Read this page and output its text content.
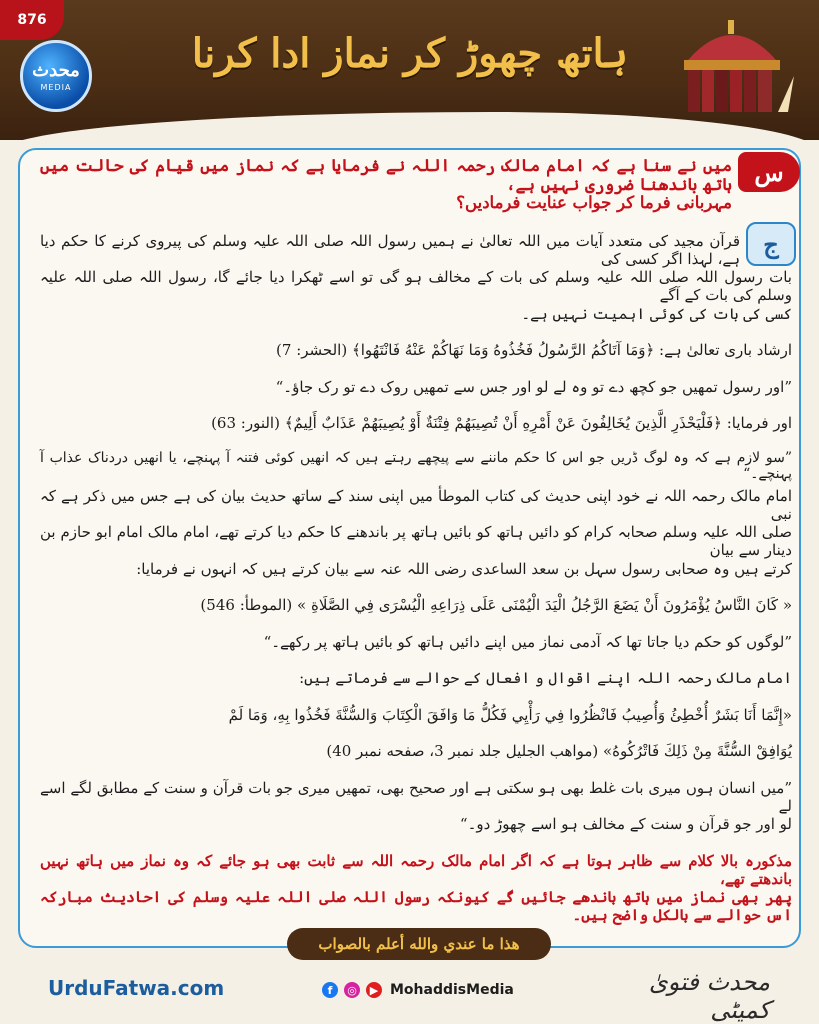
876
محدث
MEDIA
ہاتھ چھوڑ کر نماز ادا کرنا
س
میں نے سنا ہے کہ امام مالک رحمہ اللہ نے فرمایا ہے کہ نماز میں قیام کی حالت میں ہاتھ باندھنا ضروری نہیں ہے،
مہربانی فرما کر جواب عنایت فرمادیں؟
ج
قرآن مجید کی متعدد آیات میں اللہ تعالیٰ نے ہمیں رسول اللہ صلی اللہ علیہ وسلم کی پیروی کرنے کا حکم دیا ہے، لہذا اگر کسی کی
بات رسول اللہ صلی اللہ علیہ وسلم کی بات کے مخالف ہو گی تو اسے ٹھکرا دیا جائے گا، رسول اللہ صلی اللہ علیہ وسلم کی بات کے آگے
کسی کی بات کی کوئی اہمیت نہیں ہے۔
ارشاد باری تعالیٰ ہے: ﴿وَمَا آتَاكُمُ الرَّسُولُ فَخُذُوهُ وَمَا نَهَاكُمْ عَنْهُ فَانْتَهُوا﴾ (الحشر: 7)
”اور رسول تمھیں جو کچھ دے تو وہ لے لو اور جس سے تمھیں روک دے تو رک جاؤ۔“
اور فرمایا: ﴿فَلْيَحْذَرِ الَّذِينَ يُخَالِفُونَ عَنْ أَمْرِهِ أَنْ تُصِيبَهُمْ فِتْنَةٌ أَوْ يُصِيبَهُمْ عَذَابٌ أَلِيمٌ﴾ (النور: 63)
”سو لازم ہے کہ وہ لوگ ڈریں جو اس کا حکم ماننے سے پیچھے رہتے ہیں کہ انھیں کوئی فتنہ آ پہنچے، یا انھیں دردناک عذاب آ پہنچے۔“
امام مالک رحمہ اللہ نے خود اپنی حدیث کی کتاب الموطأ میں اپنی سند کے ساتھ حدیث بیان کی ہے جس میں ذکر ہے کہ نبی
صلی اللہ علیہ وسلم صحابہ کرام کو دائیں ہاتھ کو بائیں ہاتھ پر باندھنے کا حکم دیا کرتے تھے، امام مالک امام ابو حازم بن دینار سے بیان
کرتے ہیں وہ صحابی رسول سہل بن سعد الساعدی رضی اللہ عنہ سے بیان کرتے ہیں کہ انہوں نے فرمایا:
« كَانَ النَّاسُ يُؤْمَرُونَ أَنْ يَضَعَ الرَّجُلُ الْيَدَ الْيُمْنَى عَلَى ذِرَاعِهِ الْيُسْرَى فِي الصَّلَاةِ » (الموطأ: 546)
”لوگوں کو حکم دیا جاتا تھا کہ آدمی نماز میں اپنے دائیں ہاتھ کو بائیں ہاتھ پر رکھے۔“
امام مالک رحمہ اللہ اپنے اقوال و افعال کے حوالے سے فرماتے ہیں:
«إِنَّمَا أَنَا بَشَرٌ أُخْطِئُ وَأُصِيبُ فَانْظُرُوا فِي رَأْيِي فَكُلُّ مَا وَافَقَ الْكِتَابَ وَالسُّنَّةَ فَخُذُوا بِهِ، وَمَا لَمْ
يُوَافِقْ السُّنَّةَ مِنْ ذَلِكَ فَاتْرُكُوهُ» (مواهب الجليل جلد نمبر 3، صفحه نمبر 40)
”میں انسان ہوں میری بات غلط بھی ہو سکتی ہے اور صحیح بھی، تمھیں میری جو بات قرآن و سنت کے مطابق لگے اسے لے
لو اور جو قرآن و سنت کے مخالف ہو اسے چھوڑ دو۔“
مذکورہ بالا کلام سے ظاہر ہوتا ہے کہ اگر امام مالک رحمہ اللہ سے ثابت بھی ہو جائے کہ وہ نماز میں ہاتھ نہیں باندھتے تھے،
پھر بھی نماز میں ہاتھ باندھے جائیں گے کیونکہ رسول اللہ صلی اللہ علیہ وسلم کی احادیث مبارکہ اس حوالے سے بالکل واضح ہیں۔
هذا ما عندي والله أعلم بالصواب
UrduFatwa.com	f	◎	▶ MohaddisMedia	محدث فتویٰ کمیٹی
